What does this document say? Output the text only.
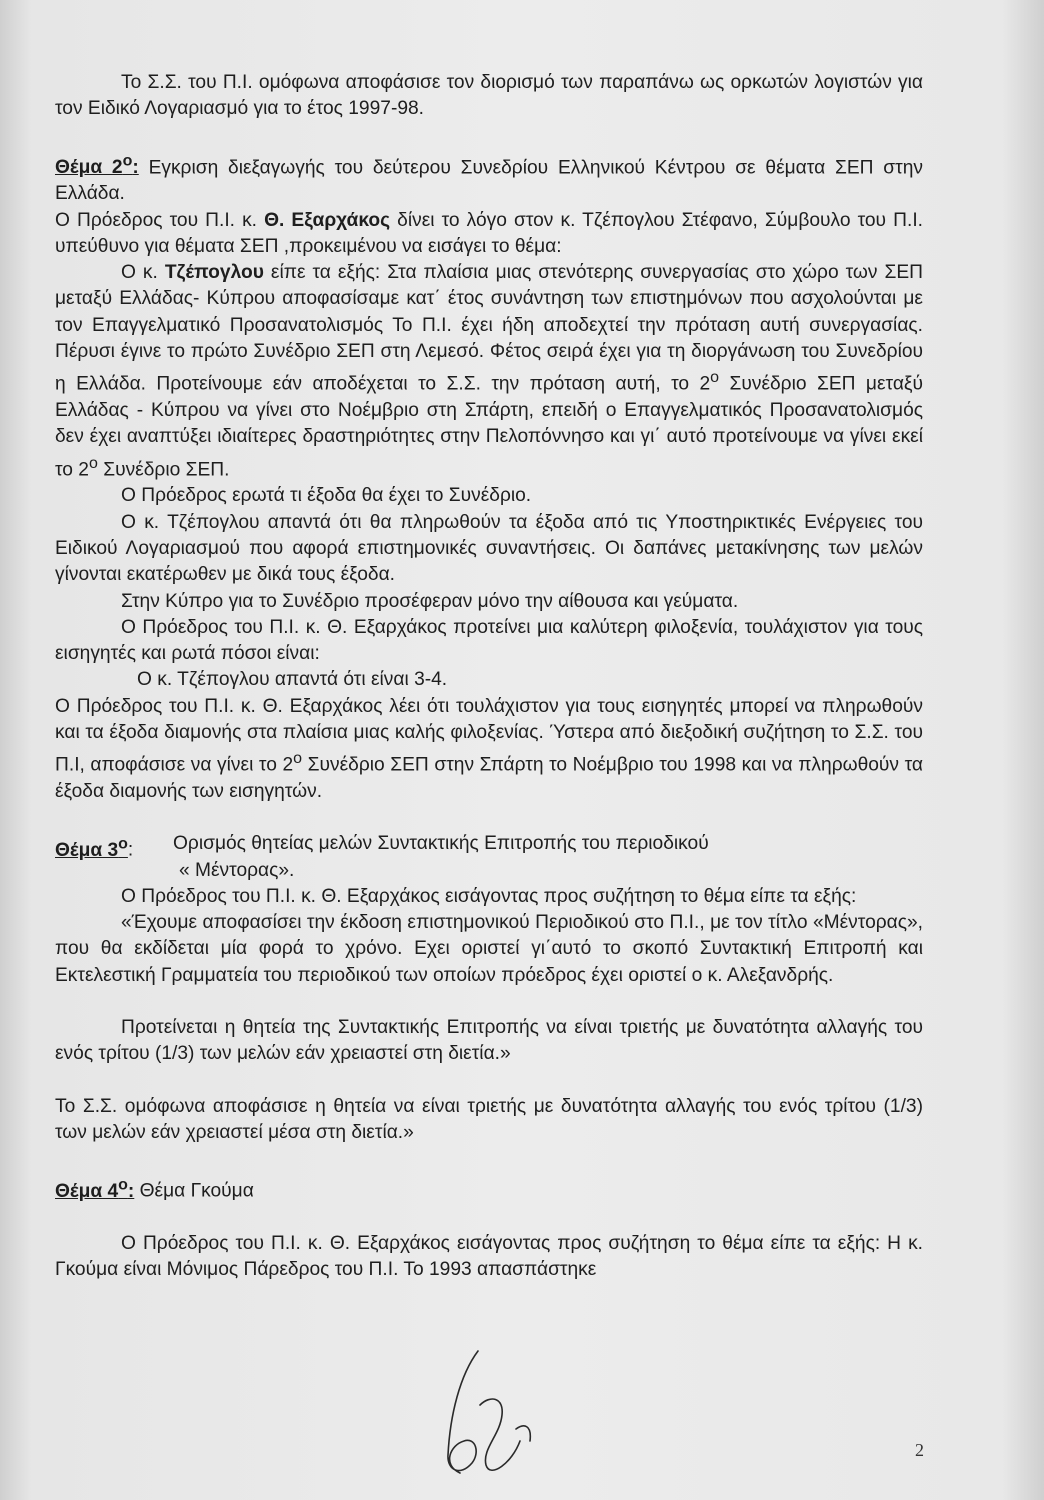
Το Σ.Σ. του Π.Ι. ομόφωνα αποφάσισε τον διορισμό των παραπάνω ως ορκωτών λογιστών για τον Ειδικό Λογαριασμό για το έτος 1997-98.

Θέμα $2^o$: Εγκριση διεξαγωγής του δεύτερου Συνεδρίου Ελληνικού Κέντρου σε θέματα ΣΕΠ στην Ελλάδα.

Ο Πρόεδρος του Π.Ι. κ. Θ. Εξαρχάκος δίνει το λόγο στον κ. Τζέπογλου Στέφανο, Σύμβουλο του Π.Ι. υπεύθυνο για θέματα ΣΕΠ ,προκειμένου να εισάγει το θέμα:

Ο κ. Τζέπογλου είπε τα εξής: Στα πλαίσια μιας στενότερης συνεργασίας στο χώρο των ΣΕΠ μεταξύ Ελλάδας- Κύπρου αποφασίσαμε κατ΄ έτος συνάντηση των επιστημόνων που ασχολούνται με τον Επαγγελματικό Προσανατολισμός Το Π.Ι. έχει ήδη αποδεχτεί την πρόταση αυτή συνεργασίας. Πέρυσι έγινε το πρώτο Συνέδριο ΣΕΠ στη Λεμεσό. Φέτος σειρά έχει για τη διοργάνωση του Συνεδρίου η Ελλάδα. Προτείνουμε εάν αποδέχεται το Σ.Σ. την πρόταση αυτή, το $2^o$ Συνέδριο ΣΕΠ μεταξύ Ελλάδας - Κύπρου να γίνει στο Νοέμβριο στη Σπάρτη, επειδή ο Επαγγελματικός Προσανατολισμός δεν έχει αναπτύξει ιδιαίτερες δραστηριότητες στην Πελοπόννησο και γι΄ αυτό προτείνουμε να γίνει εκεί το $2^o$ Συνέδριο ΣΕΠ.

Ο Πρόεδρος ερωτά τι έξοδα θα έχει το Συνέδριο.

Ο κ. Τζέπογλου απαντά ότι θα πληρωθούν τα έξοδα από τις Υποστηρικτικές Ενέργειες του Ειδικού Λογαριασμού που αφορά επιστημονικές συναντήσεις. Οι δαπάνες μετακίνησης των μελών γίνονται εκατέρωθεν με δικά τους έξοδα.

Στην Κύπρο για το Συνέδριο προσέφεραν μόνο την αίθουσα και γεύματα.

Ο Πρόεδρος του Π.Ι. κ. Θ. Εξαρχάκος προτείνει μια καλύτερη φιλοξενία, τουλάχιστον για τους εισηγητές και ρωτά πόσοι είναι:

Ο κ. Τζέπογλου απαντά ότι είναι 3-4.

Ο Πρόεδρος του Π.Ι. κ. Θ. Εξαρχάκος λέει ότι τουλάχιστον για τους εισηγητές μπορεί να πληρωθούν και τα έξοδα διαμονής στα πλαίσια μιας καλής φιλοξενίας. Ύστερα από διεξοδική συζήτηση το Σ.Σ. του Π.Ι, αποφάσισε να γίνει το $2^o$ Συνέδριο ΣΕΠ στην Σπάρτη το Νοέμβριο του 1998 και να πληρωθούν τα έξοδα διαμονής των εισηγητών.

Θέμα $3^o$:	Ορισμός θητείας μελών Συντακτικής Επιτροπής του περιοδικού
« Μέντορας».

Ο Πρόεδρος του Π.Ι. κ. Θ. Εξαρχάκος εισάγοντας προς συζήτηση το θέμα είπε τα εξής:

«Έχουμε αποφασίσει την έκδοση επιστημονικού Περιοδικού στο Π.Ι., με τον τίτλο «Μέντορας», που θα εκδίδεται μία φορά το χρόνο. Εχει οριστεί γι΄αυτό το σκοπό Συντακτική Επιτροπή και Εκτελεστική Γραμματεία του περιοδικού των οποίων πρόεδρος έχει οριστεί ο κ. Αλεξανδρής.

Προτείνεται η θητεία της Συντακτικής Επιτροπής να είναι τριετής με δυνατότητα αλλαγής του ενός τρίτου (1/3) των μελών εάν χρειαστεί στη διετία.»

Το Σ.Σ. ομόφωνα αποφάσισε η θητεία να είναι τριετής με δυνατότητα αλλαγής του ενός τρίτου (1/3) των μελών εάν χρειαστεί μέσα στη διετία.»

Θέμα $4^o$: Θέμα Γκούμα

Ο Πρόεδρος του Π.Ι. κ. Θ. Εξαρχάκος εισάγοντας προς συζήτηση το θέμα είπε τα εξής: Η κ. Γκούμα είναι Μόνιμος Πάρεδρος του Π.Ι. Το 1993 απασπάστηκε

2
